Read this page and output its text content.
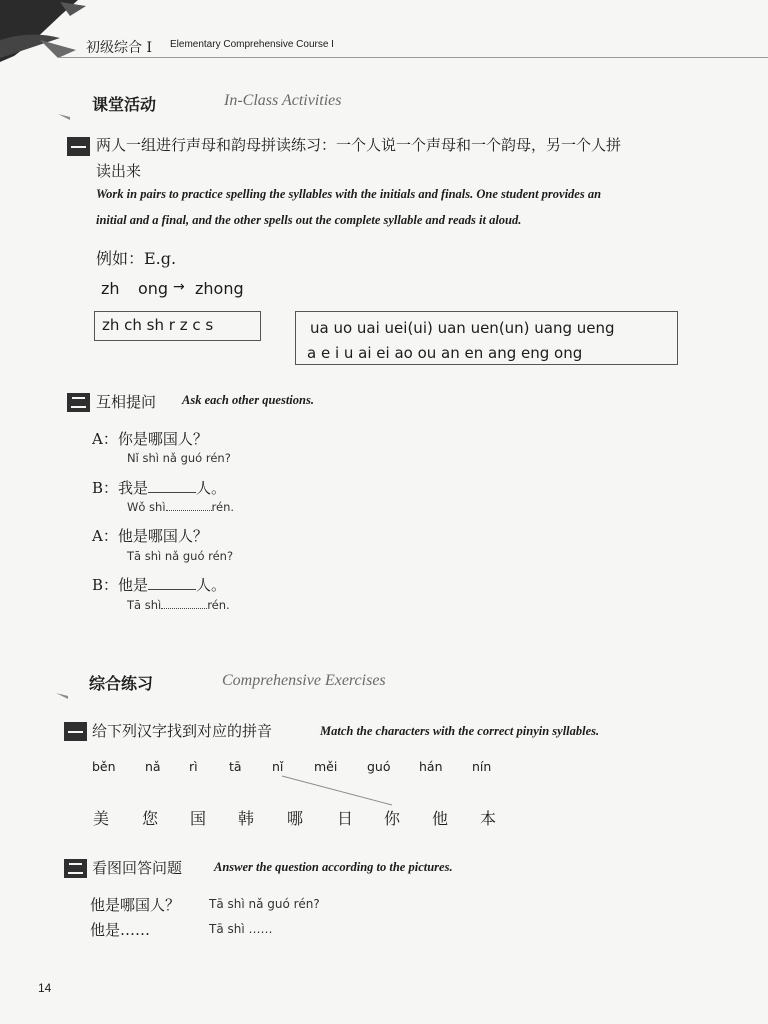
初级综合 I Elementary Comprehensive Course I
课堂活动	In-Class Activities
两人一组进行声母和韵母拼读练习：一个人说一个声母和一个韵母，另一个人拼
读出来
Work in pairs to practice spelling the syllables with the initials and finals. One student provides an
initial and a final, and the other spells out the complete syllable and reads it aloud.
例如：E.g.
zh ong → zhong
zh ch sh r z c s	ua uo uai uei(ui) uan uen(un) uang ueng
a e i u ai ei ao ou an en ang eng ong
互相提问 Ask each other questions.
A：你是哪国人？
Nǐ shì nǎ guó rén?
B：我是	人。
Wǒ shì	rén.
A：他是哪国人？
Tā shì nǎ guó rén?
B：他是	人。
Tā shì	rén.
综合练习	Comprehensive Exercises
给下列汉字找到对应的拼音	Match the characters with the correct pinyin syllables.
běn nǎ rì	tā nǐ měi guó hán nín
美 您 国 韩 哪 日 你 他 本
看图回答问题	Answer the question according to the pictures.
他是哪国人？ Tā shì nǎ guó rén?
他是……	Tā shì ……
14
